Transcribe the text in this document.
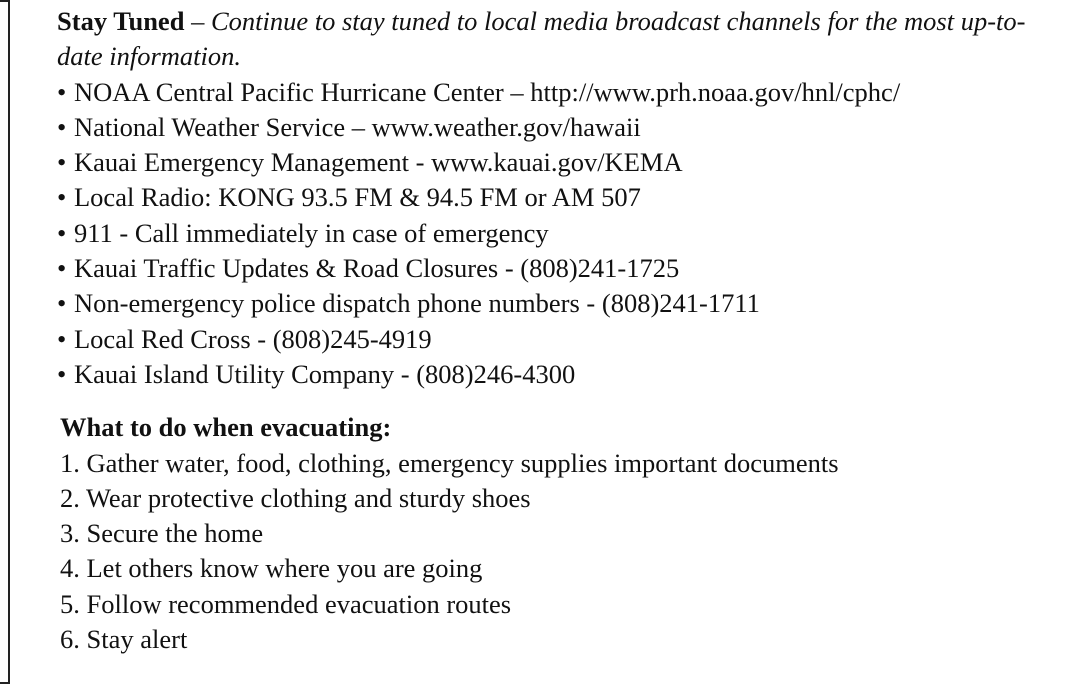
Stay Tuned – Continue to stay tuned to local media broadcast channels for the most up-to-date information.

• NOAA Central Pacific Hurricane Center – http://www.prh.noaa.gov/hnl/cphc/
• National Weather Service – www.weather.gov/hawaii
• Kauai Emergency Management - www.kauai.gov/KEMA
• Local Radio: KONG 93.5 FM & 94.5 FM or AM 507
• 911 - Call immediately in case of emergency
• Kauai Traffic Updates & Road Closures - (808)241-1725
• Non-emergency police dispatch phone numbers - (808)241-1711
• Local Red Cross - (808)245-4919
• Kauai Island Utility Company - (808)246-4300
What to do when evacuating:
1. Gather water, food, clothing, emergency supplies important documents
2. Wear protective clothing and sturdy shoes
3. Secure the home
4. Let others know where you are going
5. Follow recommended evacuation routes
6. Stay alert
